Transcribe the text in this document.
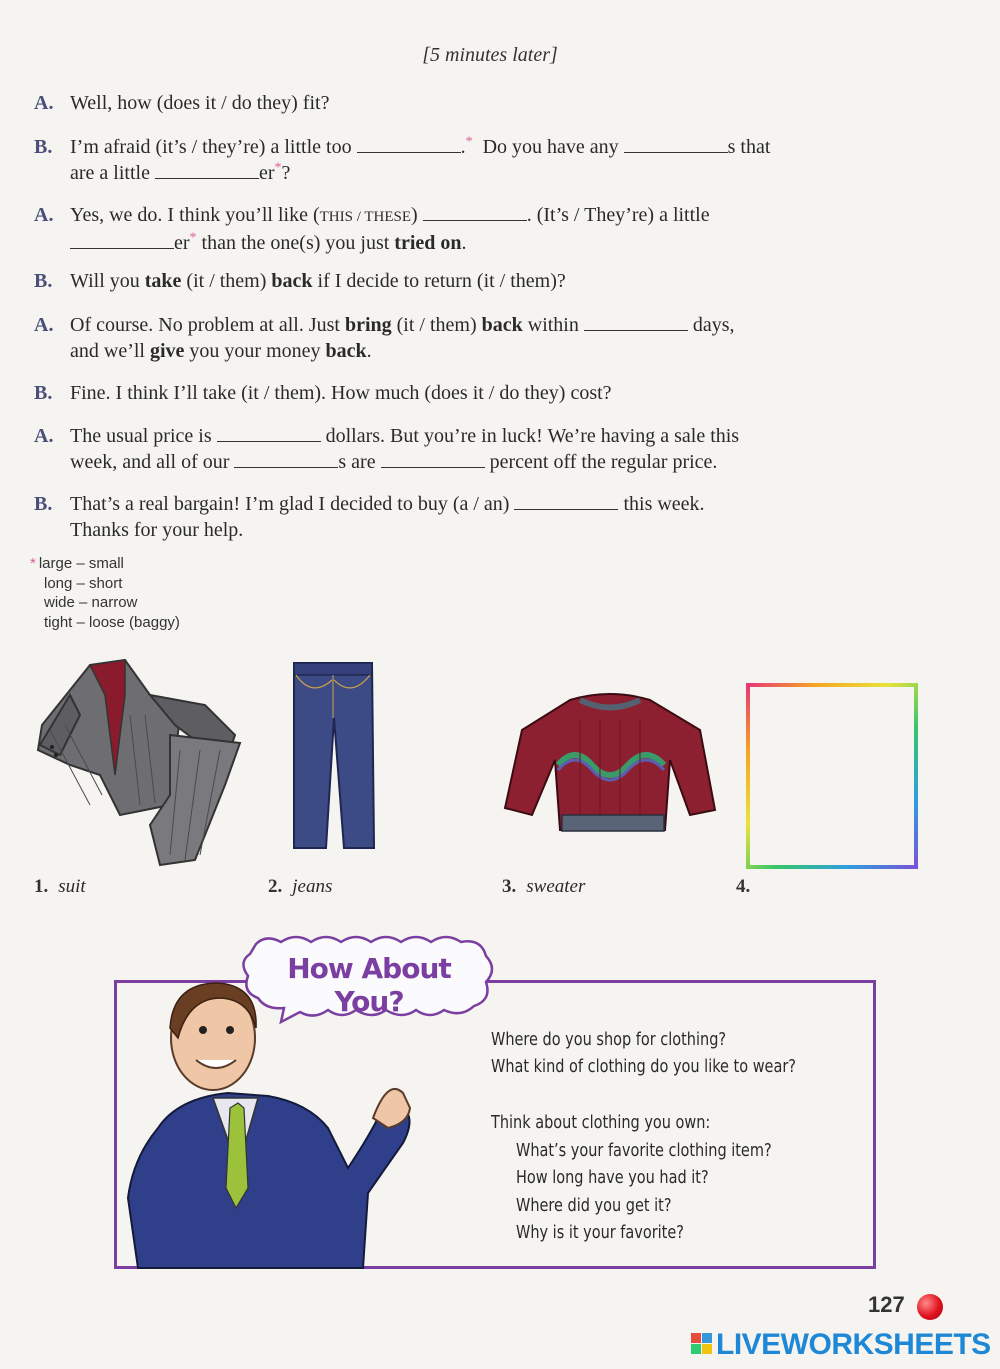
[5 minutes later]
A. Well, how (does it / do they) fit?
B. I’m afraid (it’s / they’re) a little too	.* Do you have any	s that
are a little	er*?
A. Yes, we do. I think you’ll like (THIS / THESE)	. (It’s / They’re) a little
er* than the one(s) you just tried on.
B. Will you take (it / them) back if I decide to return (it / them)?
A. Of course. No problem at all. Just bring (it / them) back within	days,
and we’ll give you your money back.
B. Fine. I think I’ll take (it / them). How much (does it / do they) cost?
A. The usual price is	dollars. But you’re in luck! We’re having a sale this
week, and all of our	s are	percent off the regular price.
B. That’s a real bargain! I’m glad I decided to buy (a / an)	this week.
Thanks for your help.
* large – small
long – short
wide – narrow
tight – loose (baggy)
1. suit	2. jeans	3. sweater	4.
How About You?
Where do you shop for clothing?
What kind of clothing do you like to wear?
Think about clothing you own:
What’s your favorite clothing item?
How long have you had it?
Where did you get it?
Why is it your favorite?
127
LIVEWORKSHEETS
